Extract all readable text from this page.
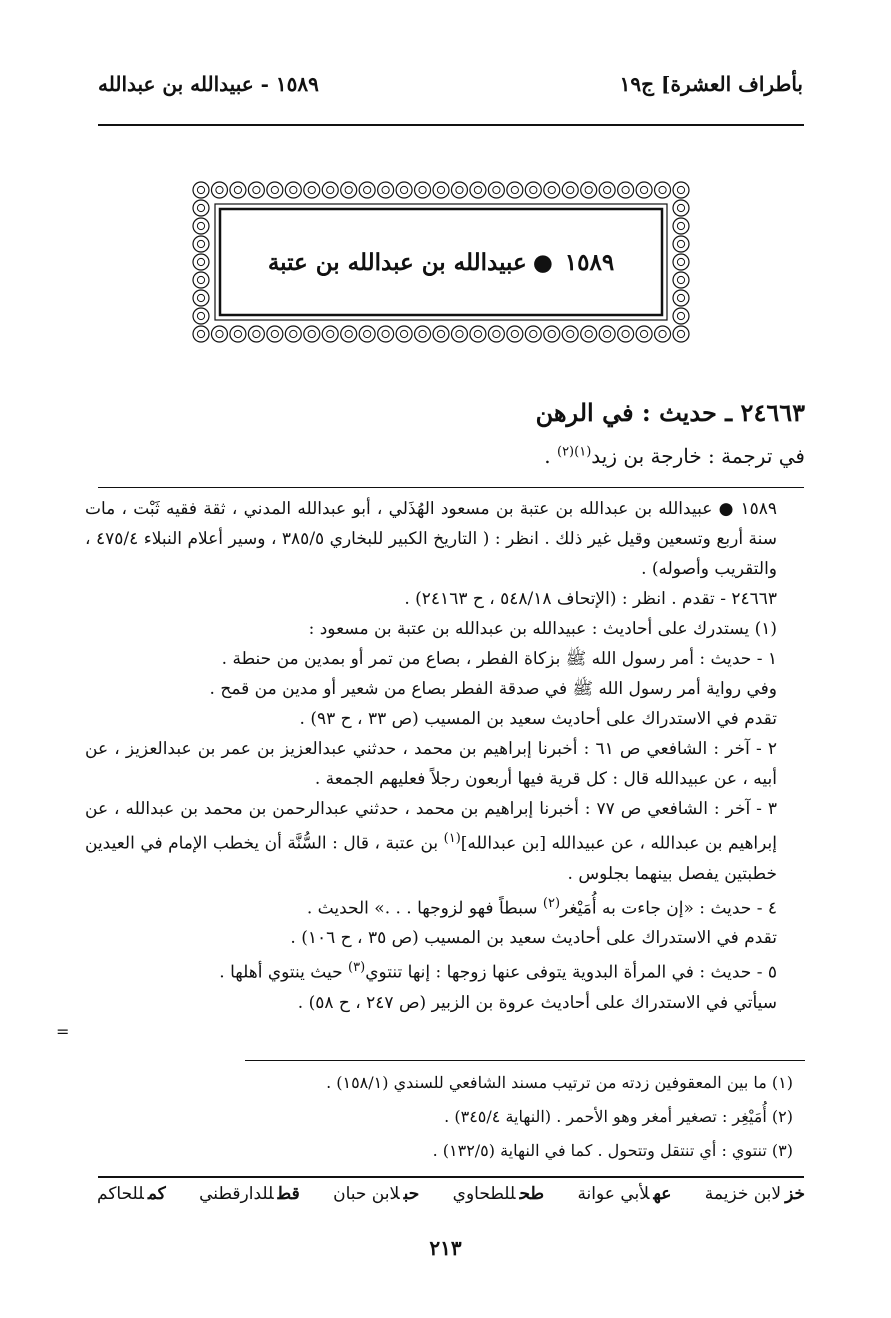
بأطراف العشرة] ج١٩
١٥٨٩ - عبيدالله بن عبدالله
١٥٨٩
●
عبيدالله بن عبدالله بن عتبة
٢٤٦٦٣ ـ حديث : في الرهن
في ترجمة : خارجة بن زيد$^{(١)(٢)}$ .

١٥٨٩ ● عبيدالله بن عبدالله بن عتبة بن مسعود الهُذَلي ، أبو عبدالله المدني ، ثقة فقيه ثَبْت ، مات سنة أربع وتسعين وقيل غير ذلك . انظر : ( التاريخ الكبير للبخاري ٣٨٥/٥ ، وسير أعلام النبلاء ٤٧٥/٤ ، والتقريب وأصوله) .

٢٤٦٦٣ - تقدم . انظر : (الإتحاف ٥٤٨/١٨ ، ح ٢٤١٦٣) .

(١) يستدرك على أحاديث : عبيدالله بن عبدالله بن عتبة بن مسعود :

١ - حديث : أمر رسول الله ﷺ بزكاة الفطر ، بصاع من تمر أو بمدين من حنطة .

وفي رواية أمر رسول الله ﷺ في صدقة الفطر بصاع من شعير أو مدين من قمح .

تقدم في الاستدراك على أحاديث سعيد بن المسيب (ص ٣٣ ، ح ٩٣) .

٢ - آخر : الشافعي ص ٦١ : أخبرنا إبراهيم بن محمد ، حدثني عبدالعزيز بن عمر بن عبدالعزيز ، عن أبيه ، عن عبيدالله قال : كل قرية فيها أربعون رجلاً فعليهم الجمعة .

٣ - آخر : الشافعي ص ٧٧ : أخبرنا إبراهيم بن محمد ، حدثني عبدالرحمن بن محمد بن عبدالله ، عن إبراهيم بن عبدالله ، عن عبيدالله [بن عبدالله]$^{(١)}$ بن عتبة ، قال : السُّنَّة أن يخطب الإمام في العيدين خطبتين يفصل بينهما بجلوس .

٤ - حديث : «إن جاءت به أُمَيْغر$^{(٢)}$ سبطاً فهو لزوجها . . .» الحديث .

تقدم في الاستدراك على أحاديث سعيد بن المسيب (ص ٣٥ ، ح ١٠٦) .

٥ - حديث : في المرأة البدوية يتوفى عنها زوجها : إنها تنتوي$^{(٣)}$ حيث ينتوي أهلها .

سيأتي في الاستدراك على أحاديث عروة بن الزبير (ص ٢٤٧ ، ح ٥٨) .

=

(١) ما بين المعقوفين زدته من ترتيب مسند الشافعي للسندي (١٥٨/١) .

(٢) أُمَيْغِر : تصغير أمغر وهو الأحمر . (النهاية ٣٤٥/٤) .

(٣) تنتوي : أي تنتقل وتتحول . كما في النهاية (١٣٢/٥) .

خزلابن خزيمة
عهلأبي عوانة
طحللطحاوي
حبلابن حبان
قطللدارقطني
كمللحاكم
٢١٣
